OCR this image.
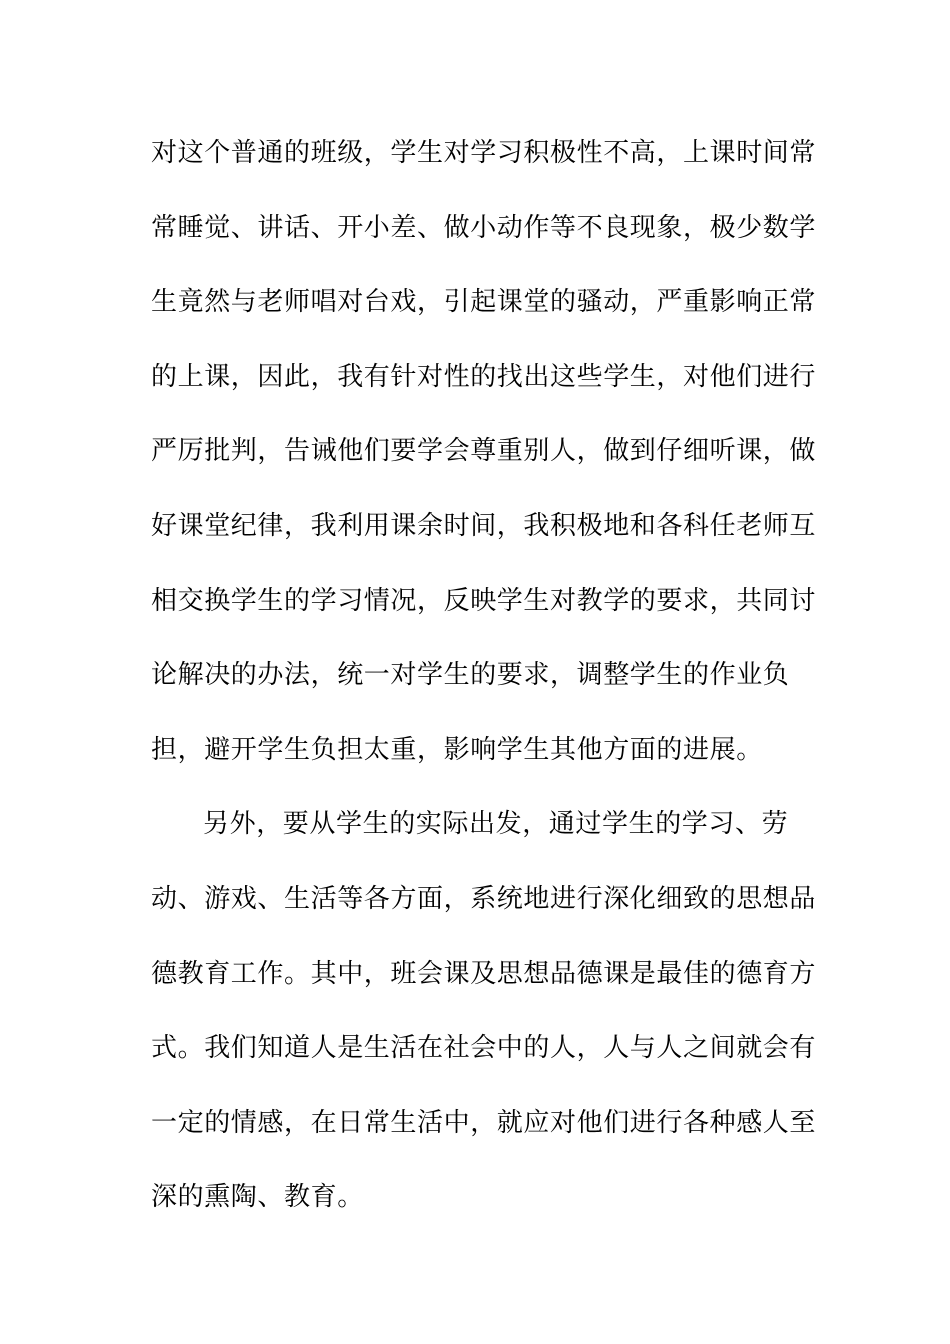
对这个普通的班级，学生对学习积极性不高，上课时间常
常睡觉、讲话、开小差、做小动作等不良现象，极少数学
生竟然与老师唱对台戏，引起课堂的骚动，严重影响正常
的上课，因此，我有针对性的找出这些学生，对他们进行
严厉批判，告诫他们要学会尊重别人，做到仔细听课，做
好课堂纪律，我利用课余时间，我积极地和各科任老师互
相交换学生的学习情况，反映学生对教学的要求，共同讨
论解决的办法，统一对学生的要求，调整学生的作业负
担，避开学生负担太重，影响学生其他方面的进展。
另外，要从学生的实际出发，通过学生的学习、劳
动、游戏、生活等各方面，系统地进行深化细致的思想品
德教育工作。其中，班会课及思想品德课是最佳的德育方
式。我们知道人是生活在社会中的人，人与人之间就会有
一定的情感，在日常生活中，就应对他们进行各种感人至
深的熏陶、教育。
